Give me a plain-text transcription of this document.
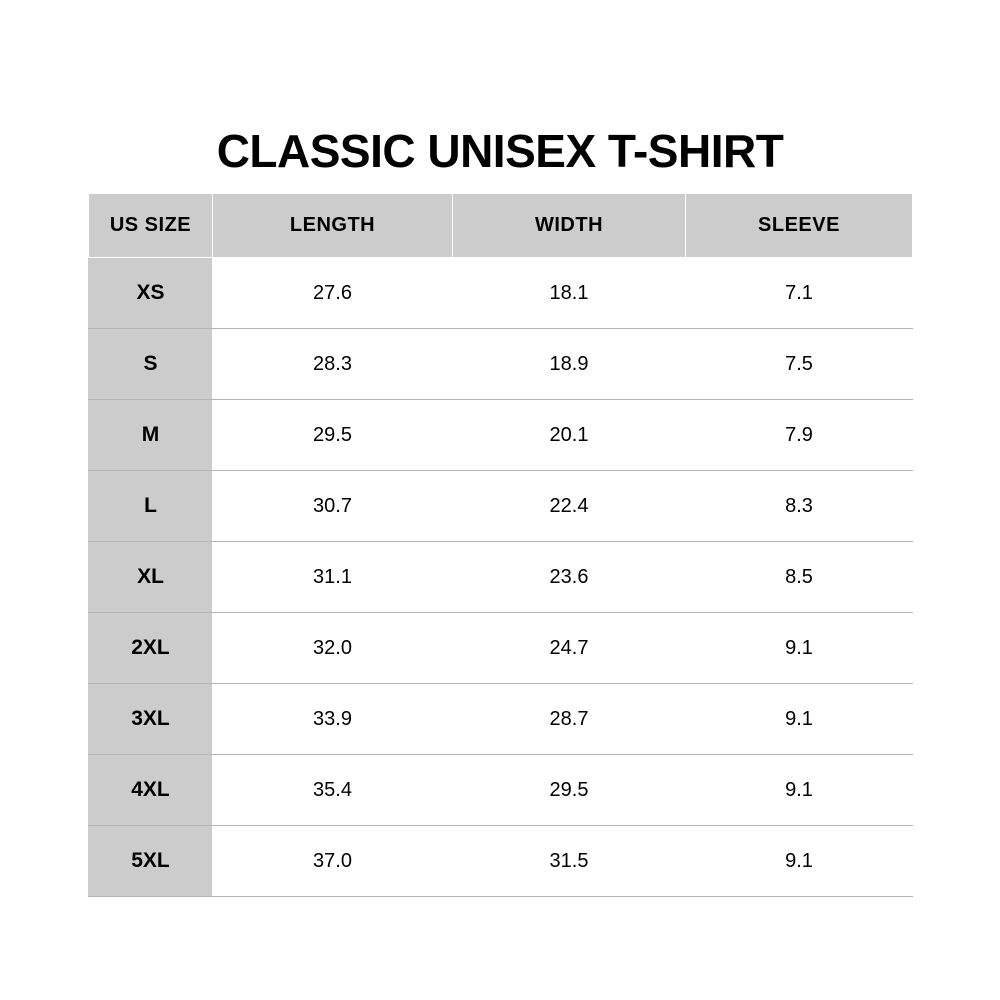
CLASSIC UNISEX T-SHIRT
US SIZE	LENGTH	WIDTH	SLEEVE
XS	27.6	18.1	7.1
S	28.3	18.9	7.5
M	29.5	20.1	7.9
L	30.7	22.4	8.3
XL	31.1	23.6	8.5
2XL	32.0	24.7	9.1
3XL	33.9	28.7	9.1
4XL	35.4	29.5	9.1
5XL	37.0	31.5	9.1
